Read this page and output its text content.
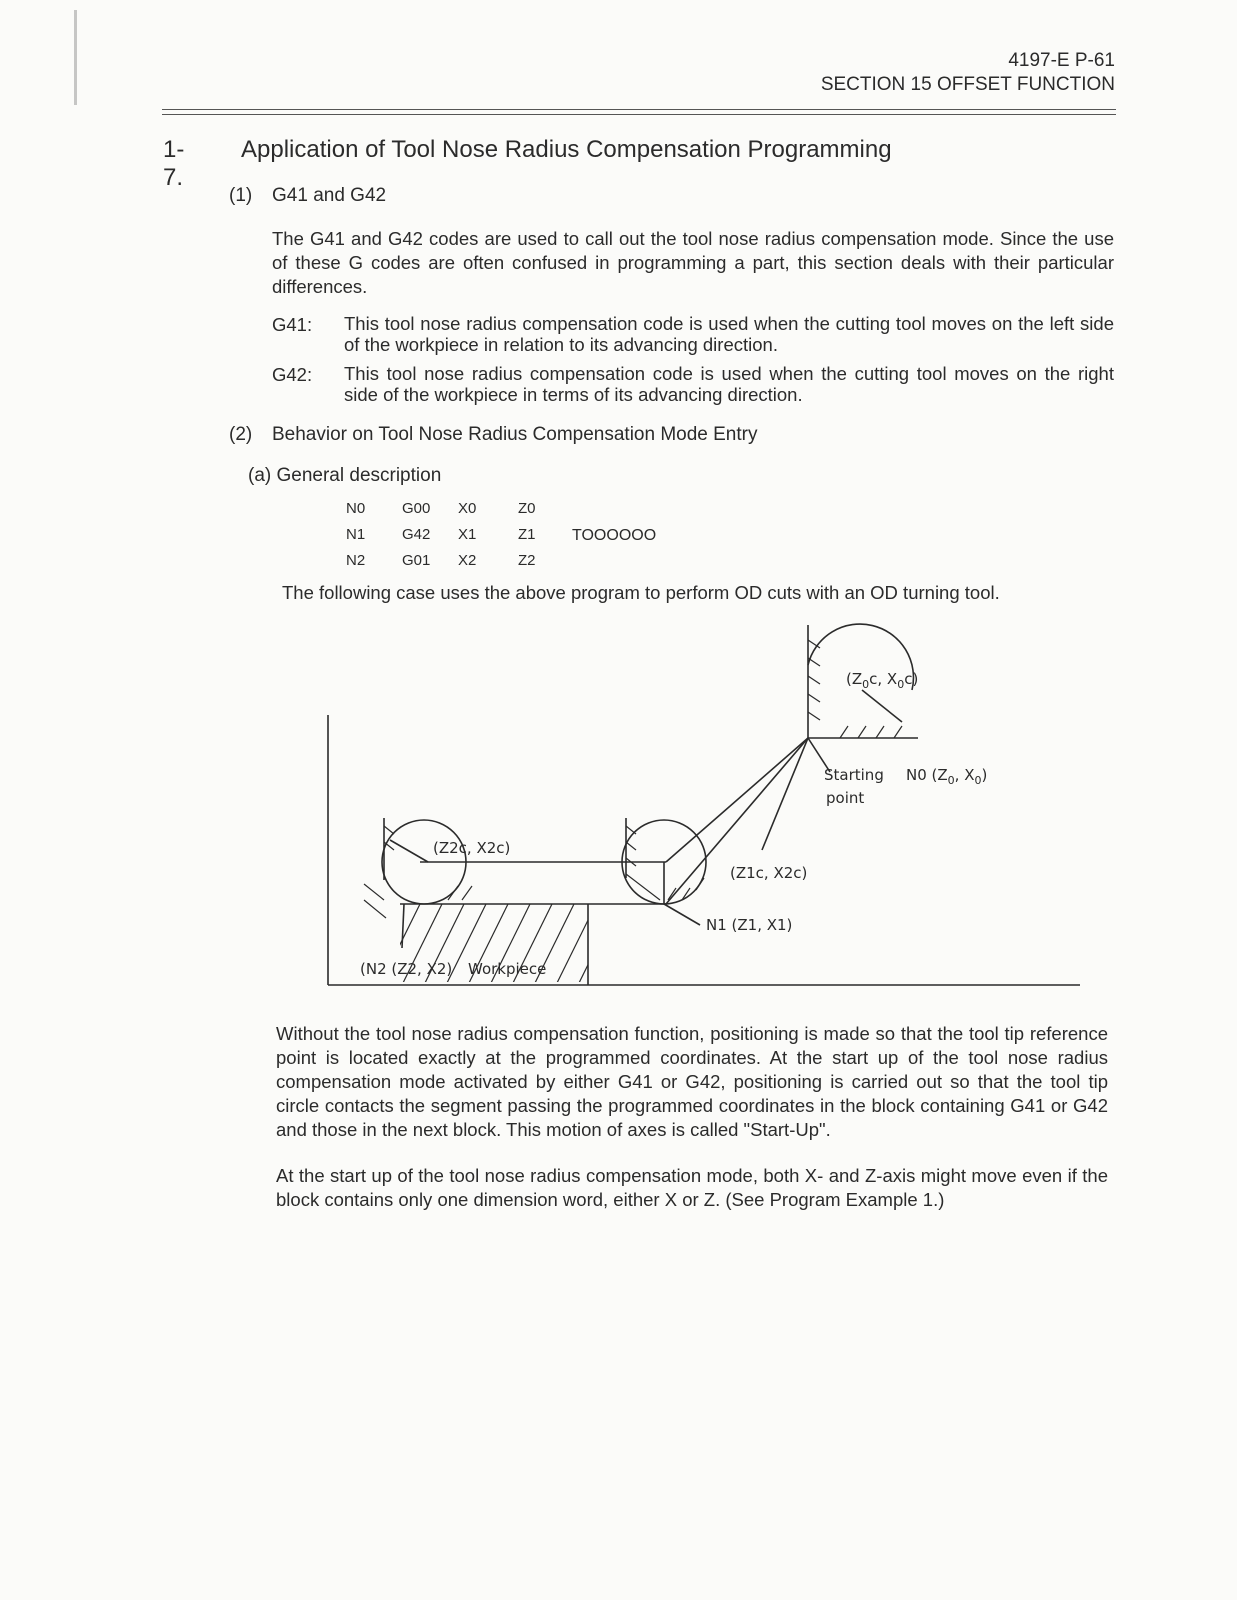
4197-E P-61
SECTION 15 OFFSET FUNCTION
1-7.
Application of Tool Nose Radius Compensation Programming
(1) G41 and G42
The G41 and G42 codes are used to call out the tool nose radius compensation mode. Since the use of these G codes are often confused in programming a part, this section deals with their particular differences.
G41: This tool nose radius compensation code is used when the cutting tool moves on the left side of the workpiece in relation to its advancing direction.
G42: This tool nose radius compensation code is used when the cutting tool moves on the right side of the workpiece in terms of its advancing direction.
(2) Behavior on Tool Nose Radius Compensation Mode Entry
(a) General description
N0 G00 X0	Z0
N1 G42 X1	Z1 TOOOOOO
N2 G01 X2	Z2
The following case uses the above program to perform OD cuts with an OD turning tool.
($Z_0c$, $X_0c$)
Starting
point
N0 ($Z_0$, $X_0$)
(Z2c, X2c)
(Z1c, X2c)
N1 (Z1, X1)
(N2 (Z2, X2) Workpiece
Without the tool nose radius compensation function, positioning is made so that the tool tip reference point is located exactly at the programmed coordinates. At the start up of the tool nose radius compensation mode activated by either G41 or G42, positioning is carried out so that the tool tip circle contacts the segment passing the programmed coordinates in the block containing G41 or G42 and those in the next block. This motion of axes is called "Start-Up".
At the start up of the tool nose radius compensation mode, both X- and Z-axis might move even if the block contains only one dimension word, either X or Z. (See Program Example 1.)
